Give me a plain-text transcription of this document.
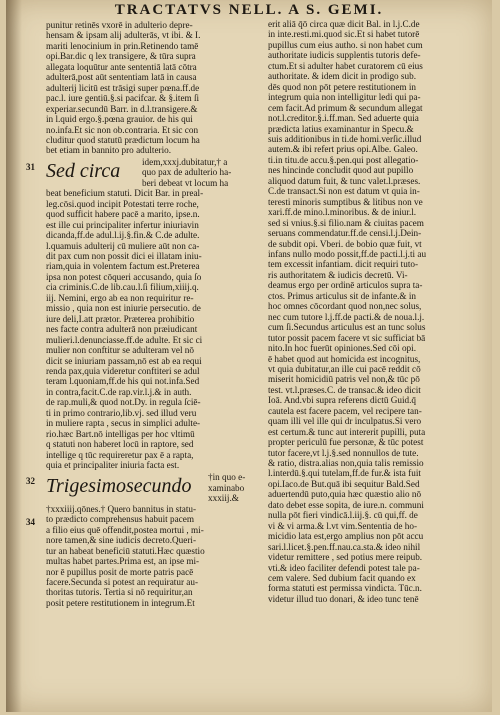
TRACTATVS NELL. A S. GEMI.

punitur retinēs vxorē in adulterio depre-
hensam & ipsam alij adulterās, vt ibi. & I.
mariti lenocinium in prin.Retinendo tamē
opi.Bar.dic q lex transigere, & tūra supra
allegata loquūtur ante sententiā latā cōtra
adulterā,post aūt sententiam latā in causa
adulterij licitū est trāsigi super pœna.ff.de
pac.l. iure gentiū.§.si pacifcar. & §.item ſi
experiar.secundū Barr. in d.l.transigere.&
in l.quid ergo.§.pœna grauior. de his qui
no.infa.Et sic non ob.contraria. Et sic con
cluditur quod statutū prædictum locum ha
bet etiam in bannito pro adulterio.

31 Sed circa	idem,xxxj.dubitatur,† a
quo pax de adulterio ha-
beri debeat vt locum ha

beat beneficium statuti. Dicit Bar. in preal-
leg.cōsi.quod incipit Potestati terre roche,
quod sufficit habere pacē a marito, ipse.n.
est ille cui principaliter infertur iniuriavin
dicanda,ff.de adul.l.ij.§.fin.& C.de adulte.
l.quamuis adulterij cū muliere aūt non ca-
dit pax cum non possit dici ei illatam iniu-
riam,quia in volentem factum est.Preterea
ipsa non potest cōqueri accusando, quia ſo
cia criminis.C.de lib.cau.l.ſi filium,xiiij.q.
iij. Nemini, ergo ab ea non requiritur re-
missio , quia non est iniurie persecutio. de
iure deli,I.att prætor. Præterea prohibitio
nes facte contra adulterā non præiudicant
mulieri.l.denunciasse.ff.de adulte. Et sic ci
mulier non conftitur se adulteram vel nō
dicit se iniuriam passam,nō est ab ea requi
renda pax,quia videretur conftiteri se adul
teram l.quoniam,ff.de his qui not.infa.Sed
in contra,facit.C.de rap.vir.l.j.& in auth.
de rap.muli,& quod not.Dy. in regula ſciē-
ti in primo contrario,lib.vj. sed illud veru
in muliere rapta , secus in simplici adulte-
rio.hæc Bart.nō intelligas per hoc vltimū
q statuti non haberet locū in raptore, sed
intellige q tūc requireretur pax ē a rapta,
quia et principaliter iniuria facta est.

32
34
Trigesimosecundo	†in quo e-
xaminabo
xxxiij.&

†xxxiiij.qōnes.† Quero bannitus in statu-
to prædicto comprehensus habuit pacem
a filio eius quē offendit,postea mortui , mi-
nore tamen,& sine iudicis decreto.Queri-
tur an habeat beneficiū statuti.Hæc quæstio
multas habet partes.Prima est, an ipse mi-
nor ē pupillus posit de morte patris pacē
facere.Secunda si potest an requiratur au-
thoritas tutoris. Tertia si nō requiritur,an
posit petere restitutionem in integrum.Et

erit aliā q̄ō circa quæ dicit Bal. in l.j.C.de
in inte.resti.mi.quod sic.Et si habet tutorē
pupillus cum eius autho. si non habet cum
authoritate iudicis supplentis tutoris defe-
ctum.Et si adulter habet curatorem cū eius
authoritate. & idem dicit in prodigo sub.
dēs quod non pōt petere restitutionem in
integrum quia non intelligitur ledi qui pa-
cem facit.Ad primum & secundum allegat
not.l.creditor.§.i.ff.man. Sed aduerte quia
prædicta latius examinantur in Specu.&
suis additionibus in ti.de homi.verſic.illud
autem.& ibi refert prius opi.Albe. Galeo.
ti.in titu.de accu.§.pen.qui post allegatio-
nes hincinde concludit quod aut pupillo
aliquod datum fuit, & tunc valet.l.præses.
C.de transact.Si non est datum vt quia in-
teresti minoris sumptibus & litibus non ve
xari.ff.de mino.l.minoribus. & de iniur.l.
sed si vnius.§.si filio.nam & ciuitas pacem
seruans commendatur.ff.de censi.l.j.Dein-
de subdit opi. Vberi. de bobio quæ fuit, vt
infans nullo modo possit,ff.de pacti.l.j.ti au
tem excessit infantiam. dicit requiri tuto-
ris authoritatem & iudicis decretū. Vi-
deamus ergo per ordinē articulos supra ta-
ctos. Primus articulus sit de infante.& in
hoc omnes cōcordant quod non,nec solus,
nec cum tutore l.j.ff.de pacti.& de noua.l.j.
cum ſi.Secundus articulus est an tunc solus
tutor possit pacem facere vt sic sufficiat bā
nito.In hoc fuerūt opiniones.Sed cōi opi.
ē habet quod aut homicida est incognitus,
vt quia dubitatur,an ille cui pacē reddit cō
miserit homicidiū patris vel non,& tūc pō
test. vt.l.præses.C. de transac.& ideo dicit
Ioā. And.vbi supra referens dictū Guid.q̄
cautela est facere pacem, vel recipere tan-
quam illi vel ille qui dr inculpatus.Si vero
est certum.& tunc aut intererit pupilli, puta
propter periculū fue personæ, & tūc potest
tutor facere,vt l.j.§.sed nonnullos de tute.
& ratio, distra.alias non,quia talis remissio
l.interdū.§.qui tutelam,ff.de fur.& ista fuit
opi.Iaco.de But.quā ibi sequitur Bald.Sed
aduertendū puto,quia hæc quæstio alio nō
dato debet esse sopita, de iure.n. communi
nulla pōt fieri vindicā.l.iij.§. cū qui,ff. de
vi & vi arma.& l.vt vim.Sententia de ho-
micidio lata est,ergo amplius non pōt accu
sari.l.licet.§.pen.ff.nau.ca.sta.& ideo nihil
videtur remittere , sed potius mere reipub.
vti.& ideo faciliter defendi potest tale pa-
cem valere. Sed dubium facit quando ex
forma statuti est permissa vindicta. Tūc.n.
videtur illud tuo donari, & ideo tunc tenē
